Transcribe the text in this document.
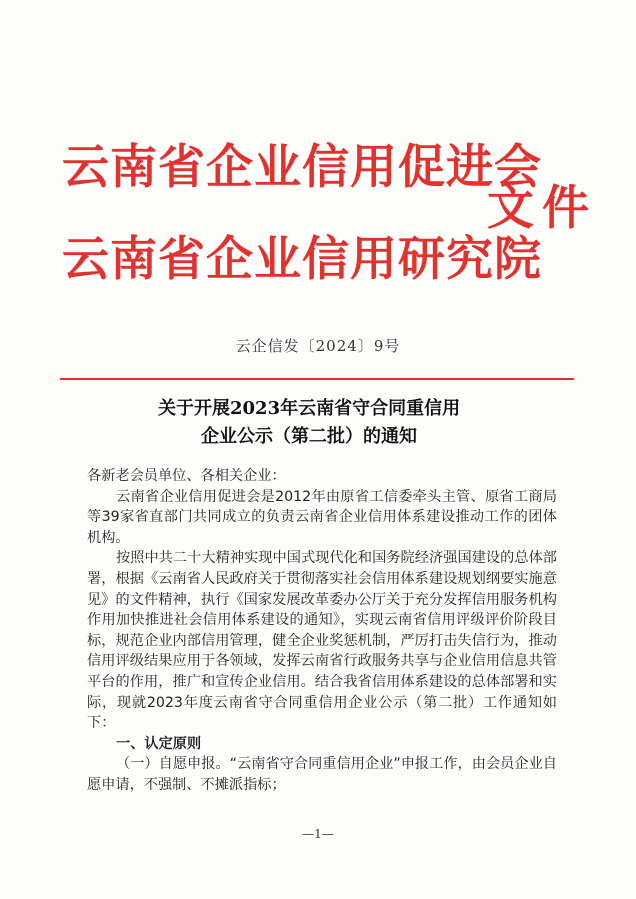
云南省企业信用促进会
云南省企业信用研究院
文件
云企信发〔2024〕9号
关于开展2023年云南省守合同重信用
企业公示（第二批）的通知

各新老会员单位、各相关企业：

云南省企业信用促进会是2012年由原省工信委牵头主管、原省工商局等39家省直部门共同成立的负责云南省企业信用体系建设推动工作的团体机构。

按照中共二十大精神实现中国式现代化和国务院经济强国建设的总体部署，根据《云南省人民政府关于贯彻落实社会信用体系建设规划纲要实施意见》的文件精神，执行《国家发展改革委办公厅关于充分发挥信用服务机构作用加快推进社会信用体系建设的通知》，实现云南省信用评级评价阶段目标，规范企业内部信用管理，健全企业奖惩机制，严厉打击失信行为，推动信用评级结果应用于各领域，发挥云南省行政服务共享与企业信用信息共管平台的作用，推广和宣传企业信用。结合我省信用体系建设的总体部署和实际，现就2023年度云南省守合同重信用企业公示（第二批）工作通知如下：

一、认定原则

（一）自愿申报。“云南省守合同重信用企业”申报工作，由会员企业自愿申请，不强制、不摊派指标；

—1—
